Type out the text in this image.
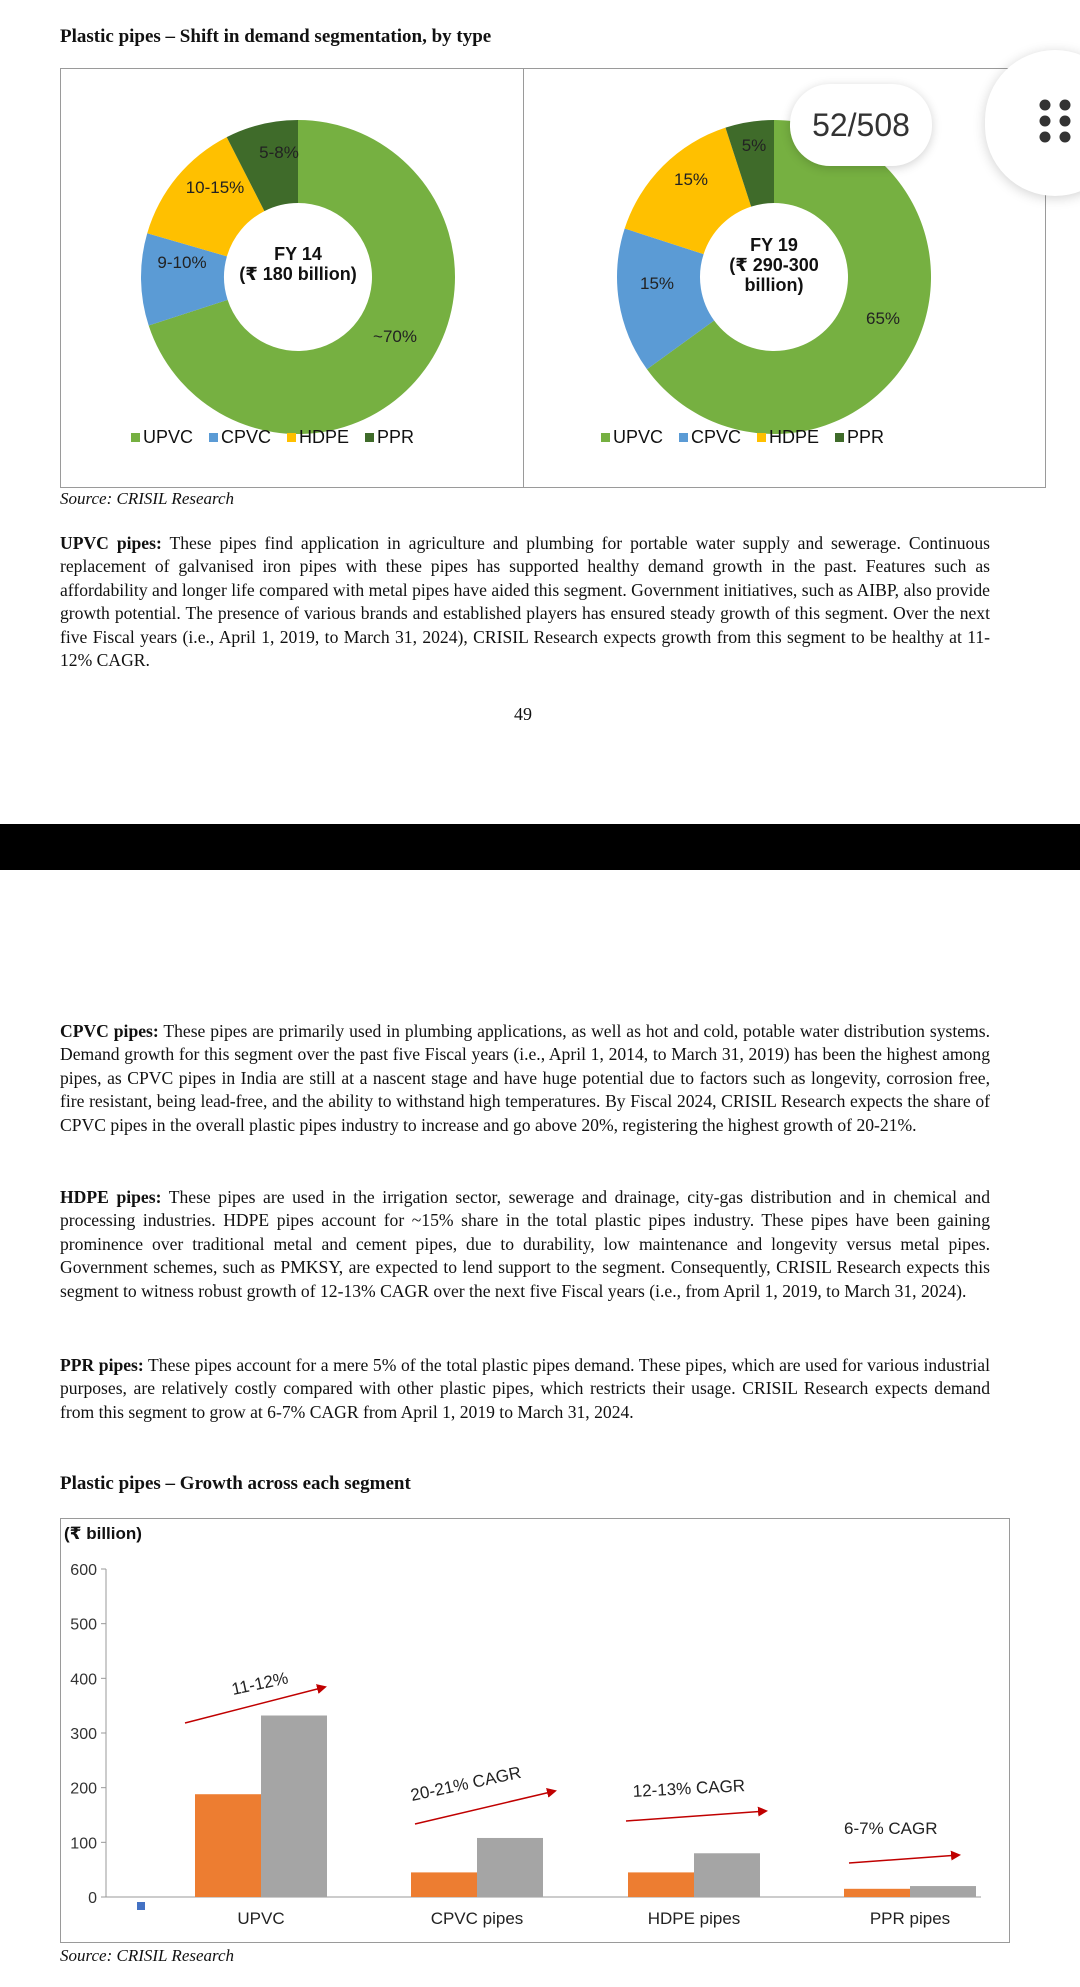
Plastic pipes – Shift in demand segmentation, by type
~70%
9-10%
10-15%
5-8%
FY 14
(₹ 180 billion)
65%
15%
15%
5%
FY 19
(₹ 290-300
billion)
UPVC CPVC HDPE PPR	UPVC CPVC HDPE PPR
52/508
Source: CRISIL Research
UPVC pipes: These pipes find application in agriculture and plumbing for portable water supply and sewerage. Continuous replacement of galvanised iron pipes with these pipes has supported healthy demand growth in the past. Features such as affordability and longer life compared with metal pipes have aided this segment. Government initiatives, such as AIBP, also provide growth potential. The presence of various brands and established players has ensured steady growth of this segment. Over the next five Fiscal years (i.e., April 1, 2019, to March 31, 2024), CRISIL Research expects growth from this segment to be healthy at 11-12% CAGR.
49
CPVC pipes: These pipes are primarily used in plumbing applications, as well as hot and cold, potable water distribution systems. Demand growth for this segment over the past five Fiscal years (i.e., April 1, 2014, to March 31, 2019) has been the highest among pipes, as CPVC pipes in India are still at a nascent stage and have huge potential due to factors such as longevity, corrosion free, fire resistant, being lead-free, and the ability to withstand high temperatures. By Fiscal 2024, CRISIL Research expects the share of CPVC pipes in the overall plastic pipes industry to increase and go above 20%, registering the highest growth of 20-21%.
HDPE pipes: These pipes are used in the irrigation sector, sewerage and drainage, city-gas distribution and in chemical and processing industries. HDPE pipes account for ~15% share in the total plastic pipes industry. These pipes have been gaining prominence over traditional metal and cement pipes, due to durability, low maintenance and longevity versus metal pipes. Government schemes, such as PMKSY, are expected to lend support to the segment. Consequently, CRISIL Research expects this segment to witness robust growth of 12-13% CAGR over the next five Fiscal years (i.e., from April 1, 2019, to March 31, 2024).
PPR pipes: These pipes account for a mere 5% of the total plastic pipes demand. These pipes, which are used for various industrial purposes, are relatively costly compared with other plastic pipes, which restricts their usage. CRISIL Research expects demand from this segment to grow at 6-7% CAGR from April 1, 2019 to March 31, 2024.
Plastic pipes – Growth across each segment
(₹ billion)
0
100
200
300
400
500
600
UPVC	CPVC pipes	HDPE pipes	PPR pipes
11-12%
20-21% CAGR	12-13% CAGR
6-7% CAGR
Source: CRISIL Research
